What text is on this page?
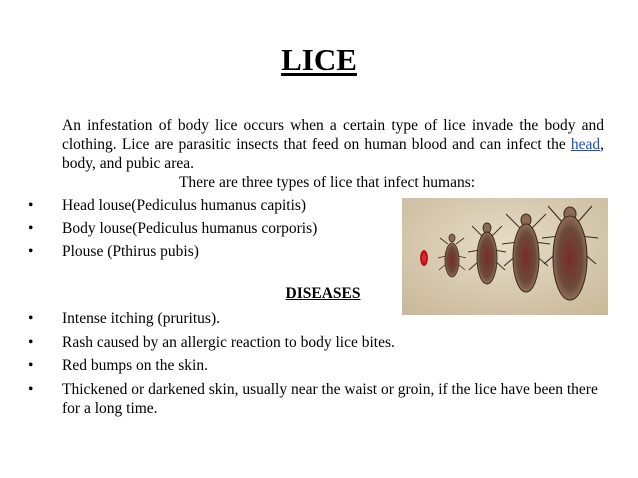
LICE
An infestation of body lice occurs when a certain type of lice invade the body and clothing. Lice are parasitic insects that feed on human blood and can infect the head, body, and pubic area.
There are three types of lice that infect humans:
•	Head louse(Pediculus humanus capitis)
•	Body louse(Pediculus humanus corporis)
•	Plouse (Pthirus pubis)
DISEASES
•	Intense itching (pruritus).
•	Rash caused by an allergic reaction to body lice bites.
•	Red bumps on the skin.
•	Thickened or darkened skin, usually near the waist or groin, if the lice have been there for a long time.
